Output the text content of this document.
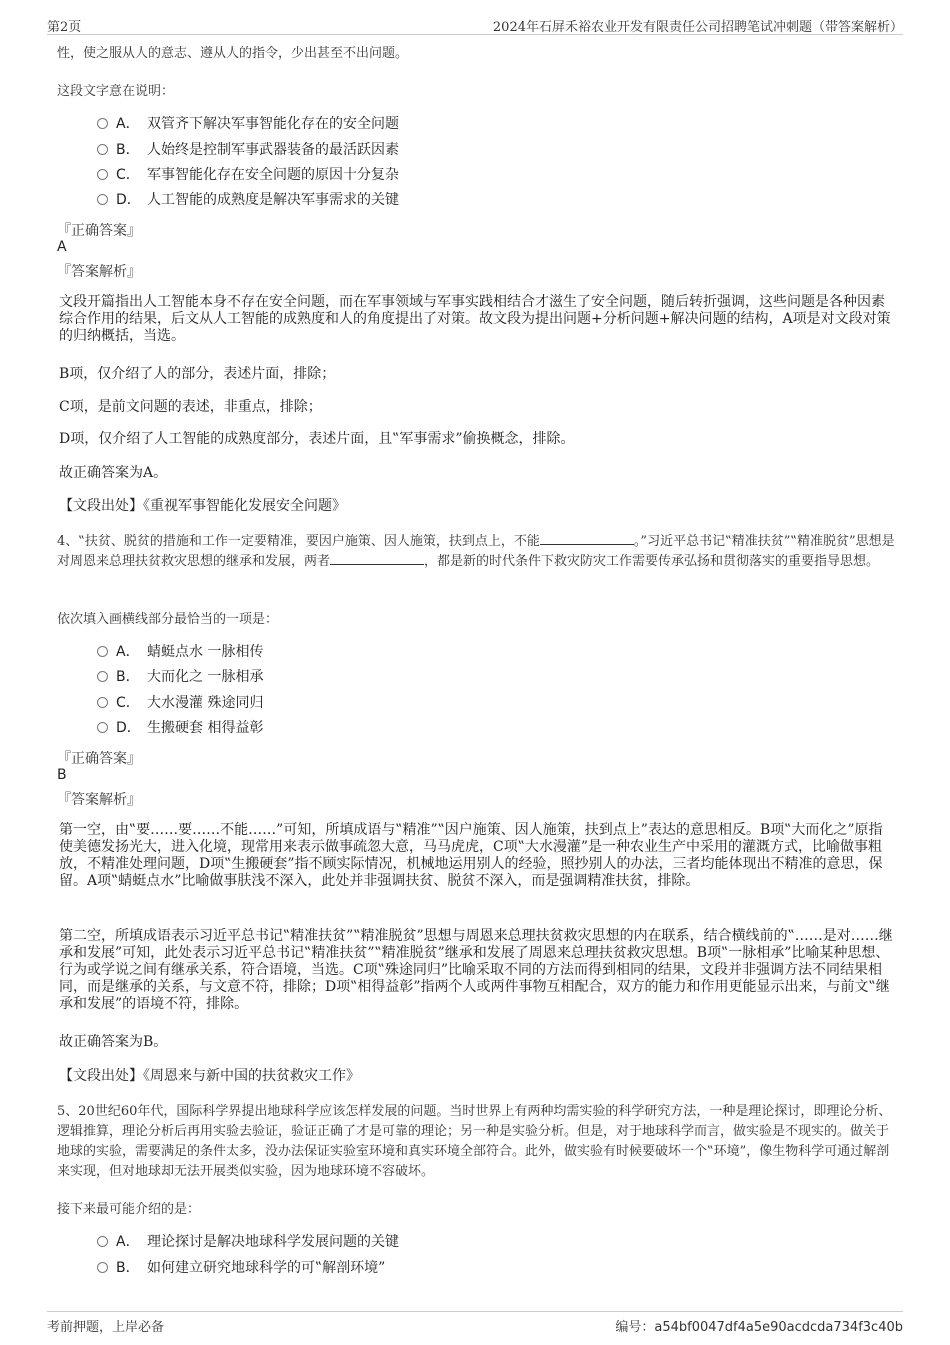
第2页	2024年石屏禾裕农业开发有限责任公司招聘笔试冲刺题（带答案解析）
性，使之服从人的意志、遵从人的指令，少出甚至不出问题。
这段文字意在说明：
A． 双管齐下解决军事智能化存在的安全问题
B． 人始终是控制军事武器装备的最活跃因素
C． 军事智能化存在安全问题的原因十分复杂
D． 人工智能的成熟度是解决军事需求的关键
『正确答案』
A
『答案解析』
文段开篇指出人工智能本身不存在安全问题，而在军事领域与军事实践相结合才滋生了安全问题，随后转折强调，这些问题是各种因素综合作用的结果，后文从人工智能的成熟度和人的角度提出了对策。故文段为提出问题+分析问题+解决问题的结构，A项是对文段对策的归纳概括，当选。
B项，仅介绍了人的部分，表述片面，排除；
C项，是前文问题的表述，非重点，排除；
D项，仅介绍了人工智能的成熟度部分，表述片面，且‟军事需求”偷换概念，排除。
故正确答案为A。
【文段出处】《重视军事智能化发展安全问题》
4、‟扶贫、脱贫的措施和工作一定要精准，要因户施策、因人施策，扶到点上，不能	。”习近平总书记‟精准扶贫”‟精准脱贫”思想是对周恩来总理扶贫救灾思想的继承和发展，两者	，都是新的时代条件下救灾防灾工作需要传承弘扬和贯彻落实的重要指导思想。
依次填入画横线部分最恰当的一项是：
A． 蜻蜓点水 一脉相传
B． 大而化之 一脉相承
C． 大水漫灌 殊途同归
D． 生搬硬套 相得益彰
『正确答案』
B
『答案解析』
第一空，由‟要……要……不能……”可知，所填成语与‟精准”‟因户施策、因人施策，扶到点上”表达的意思相反。B项‟大而化之”原指使美德发扬光大，进入化境，现常用来表示做事疏忽大意，马马虎虎，C项‟大水漫灌”是一种农业生产中采用的灌溉方式，比喻做事粗放，不精准处理问题，D项‟生搬硬套”指不顾实际情况，机械地运用别人的经验，照抄别人的办法，三者均能体现出不精准的意思，保留。A项‟蜻蜓点水”比喻做事肤浅不深入，此处并非强调扶贫、脱贫不深入，而是强调精准扶贫，排除。
第二空，所填成语表示习近平总书记‟精准扶贫”‟精准脱贫”思想与周恩来总理扶贫救灾思想的内在联系，结合横线前的‟……是对……继承和发展”可知，此处表示习近平总书记‟精准扶贫”‟精准脱贫”继承和发展了周恩来总理扶贫救灾思想。B项‟一脉相承”比喻某种思想、行为或学说之间有继承关系，符合语境，当选。C项‟殊途同归”比喻采取不同的方法而得到相同的结果，文段并非强调方法不同结果相同，而是继承的关系，与文意不符，排除；D项‟相得益彰”指两个人或两件事物互相配合，双方的能力和作用更能显示出来，与前文‟继承和发展”的语境不符，排除。
故正确答案为B。
【文段出处】《周恩来与新中国的扶贫救灾工作》
5、20世纪60年代，国际科学界提出地球科学应该怎样发展的问题。当时世界上有两种均需实验的科学研究方法，一种是理论探讨，即理论分析、逻辑推算，理论分析后再用实验去验证，验证正确了才是可靠的理论；另一种是实验分析。但是，对于地球科学而言，做实验是不现实的。做关于地球的实验，需要满足的条件太多，没办法保证实验室环境和真实环境全部符合。此外，做实验有时候要破坏一个‟环境”，像生物科学可通过解剖来实现，但对地球却无法开展类似实验，因为地球环境不容破坏。
接下来最可能介绍的是：
A． 理论探讨是解决地球科学发展问题的关键
B． 如何建立研究地球科学的可‟解剖环境”
考前押题，上岸必备	编号：a54bf0047df4a5e90acdcda734f3c40b
